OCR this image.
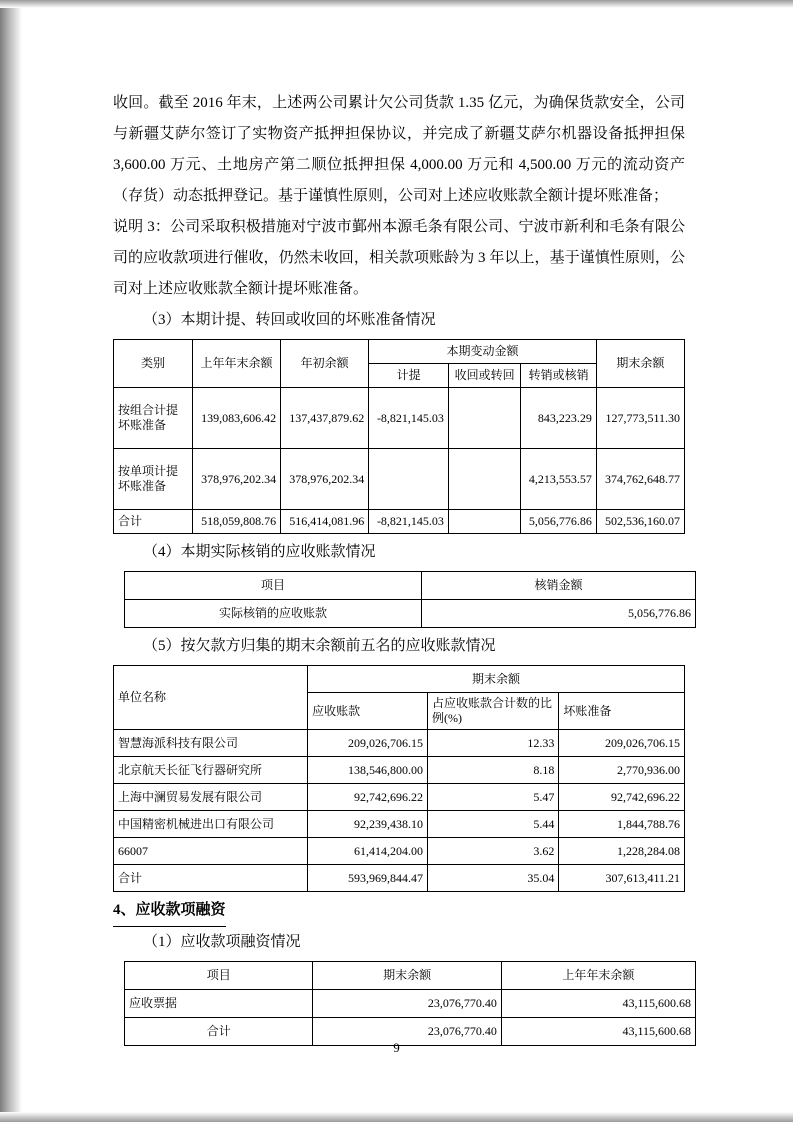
收回。截至 2016 年末，上述两公司累计欠公司货款 1.35 亿元，为确保货款安全，公司与新疆艾萨尔签订了实物资产抵押担保协议，并完成了新疆艾萨尔机器设备抵押担保 3,600.00 万元、土地房产第二顺位抵押担保 4,000.00 万元和 4,500.00 万元的流动资产（存货）动态抵押登记。基于谨慎性原则，公司对上述应收账款全额计提坏账准备；

说明 3：公司采取积极措施对宁波市鄞州本源毛条有限公司、宁波市新利和毛条有限公司的应收款项进行催收，仍然未收回，相关款项账龄为 3 年以上，基于谨慎性原则，公司对上述应收账款全额计提坏账准备。

（3）本期计提、转回或收回的坏账准备情况

类别	上年年末余额	年初余额	本期变动金额			期末余额
			计提	收回或转回	转销或核销	
按组合计提坏账准备	139,083,606.42	137,437,879.62	-8,821,145.03		843,223.29	127,773,511.30
按单项计提坏账准备	378,976,202.34	378,976,202.34			4,213,553.57	374,762,648.77
合计	518,059,808.76	516,414,081.96	-8,821,145.03		5,056,776.86	502,536,160.07

（4）本期实际核销的应收账款情况

项目	核销金额
实际核销的应收账款	5,056,776.86

（5）按欠款方归集的期末余额前五名的应收账款情况

单位名称	期末余额		
	应收账款	占应收账款合计数的比例(%)	坏账准备
智慧海派科技有限公司	209,026,706.15	12.33	209,026,706.15
北京航天长征飞行器研究所	138,546,800.00	8.18	2,770,936.00
上海中澜贸易发展有限公司	92,742,696.22	5.47	92,742,696.22
中国精密机械进出口有限公司	92,239,438.10	5.44	1,844,788.76
66007	61,414,204.00	3.62	1,228,284.08
合计	593,969,844.47	35.04	307,613,411.21

4、应收款项融资

（1）应收款项融资情况

项目	期末余额	上年年末余额
应收票据	23,076,770.40	43,115,600.68
合计	23,076,770.40	43,115,600.68
9
